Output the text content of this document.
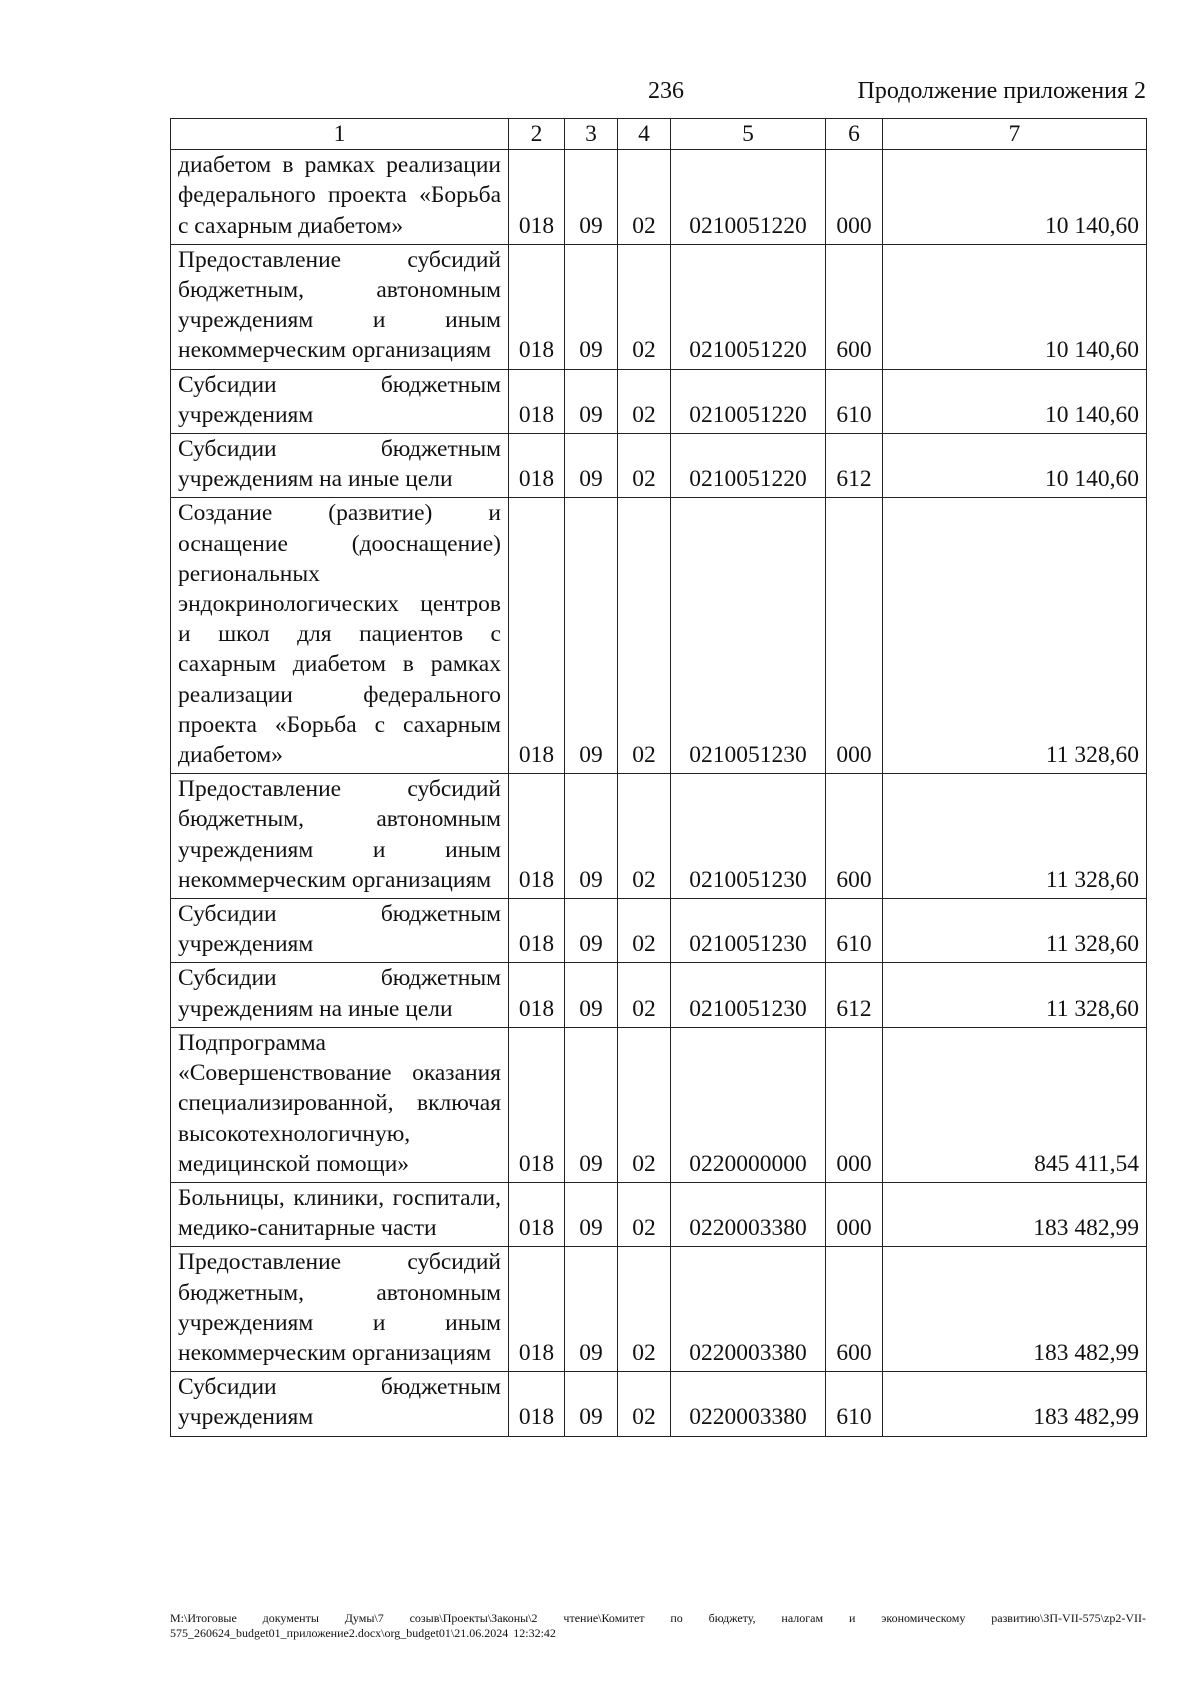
236	Продолжение приложения 2
1	2	3	4	5	6	7
диабетом в рамках реализации федерального проекта «Борьба с сахарным диабетом»	018	09	02	0210051220	000	10 140,60
Предоставление субсидий бюджетным, автономным учреждениям и иным некоммерческим организациям	018	09	02	0210051220	600	10 140,60
Субсидии бюджетным учреждениям	018	09	02	0210051220	610	10 140,60
Субсидии бюджетным учреждениям на иные цели	018	09	02	0210051220	612	10 140,60
Создание (развитие) и оснащение (дооснащение) региональных эндокринологических центров и школ для пациентов с сахарным диабетом в рамках реализации федерального проекта «Борьба с сахарным диабетом»	018	09	02	0210051230	000	11 328,60
Предоставление субсидий бюджетным, автономным учреждениям и иным некоммерческим организациям	018	09	02	0210051230	600	11 328,60
Субсидии бюджетным учреждениям	018	09	02	0210051230	610	11 328,60
Субсидии бюджетным учреждениям на иные цели	018	09	02	0210051230	612	11 328,60
Подпрограмма «Совершенствование оказания специализированной, включая высокотехнологичную, медицинской помощи»	018	09	02	0220000000	000	845 411,54
Больницы, клиники, госпитали, медико-санитарные части	018	09	02	0220003380	000	183 482,99
Предоставление субсидий бюджетным, автономным учреждениям и иным некоммерческим организациям	018	09	02	0220003380	600	183 482,99
Субсидии бюджетным учреждениям	018	09	02	0220003380	610	183 482,99
M:\Итоговые документы Думы\7 созыв\Проекты\Законы\2 чтение\Комитет по бюджету, налогам и экономическому развитию\ЗП-VII-575\zp2-VII-575_260624_budget01_приложение2.docx\org_budget01\21.06.2024 12:32:42
